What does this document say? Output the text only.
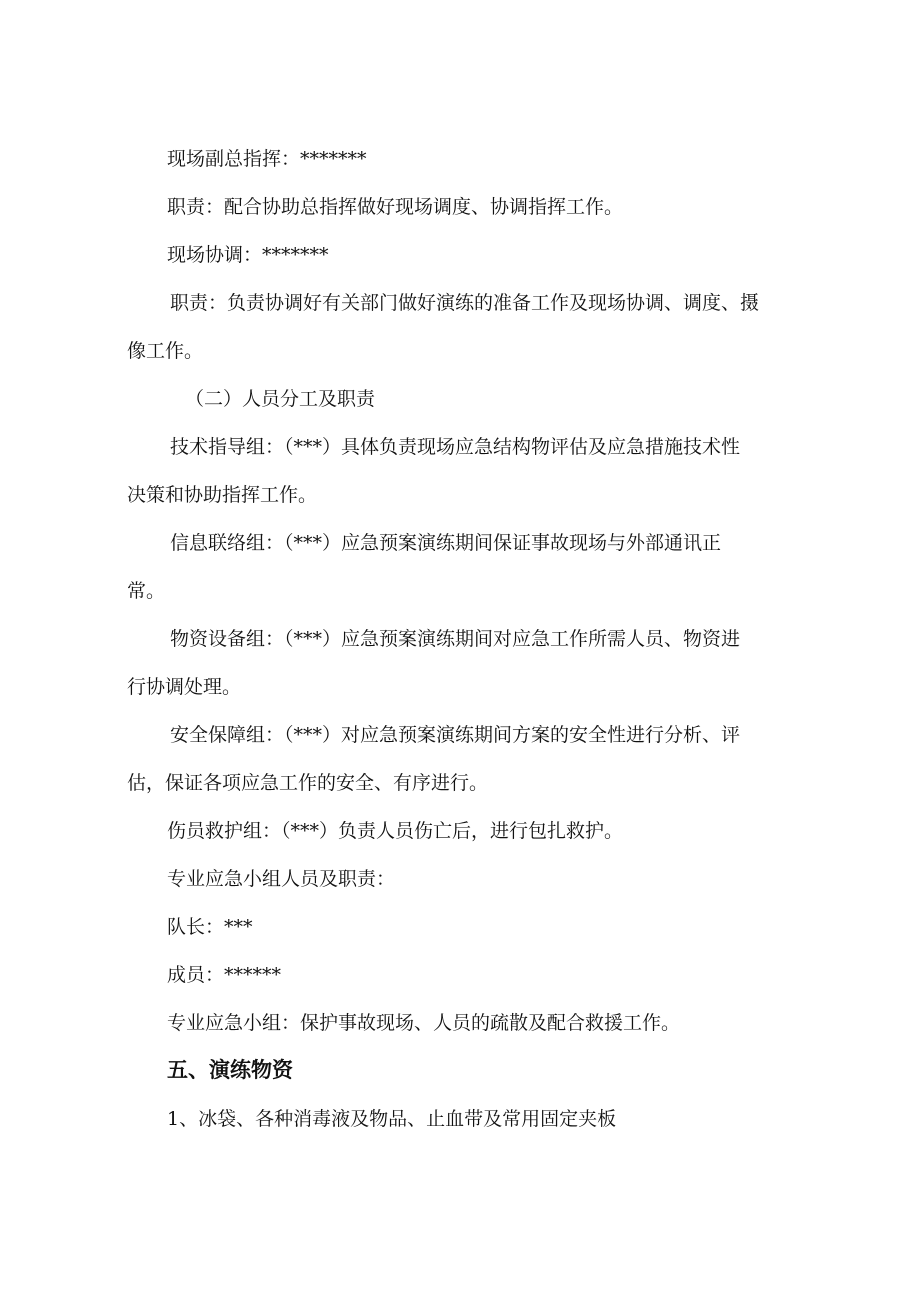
现场副总指挥：*******
职责：配合协助总指挥做好现场调度、协调指挥工作。
现场协调：*******
职责：负责协调好有关部门做好演练的准备工作及现场协调、调度、摄
像工作。
（二）人员分工及职责
技术指导组：（***）具体负责现场应急结构物评估及应急措施技术性
决策和协助指挥工作。
信息联络组：（***）应急预案演练期间保证事故现场与外部通讯正
常。
物资设备组：（***）应急预案演练期间对应急工作所需人员、物资进
行协调处理。
安全保障组：（***）对应急预案演练期间方案的安全性进行分析、评
估，保证各项应急工作的安全、有序进行。
伤员救护组：（***）负责人员伤亡后，进行包扎救护。
专业应急小组人员及职责：
队长：***
成员：******
专业应急小组：保护事故现场、人员的疏散及配合救援工作。
五、演练物资
1、冰袋、各种消毒液及物品、止血带及常用固定夹板
